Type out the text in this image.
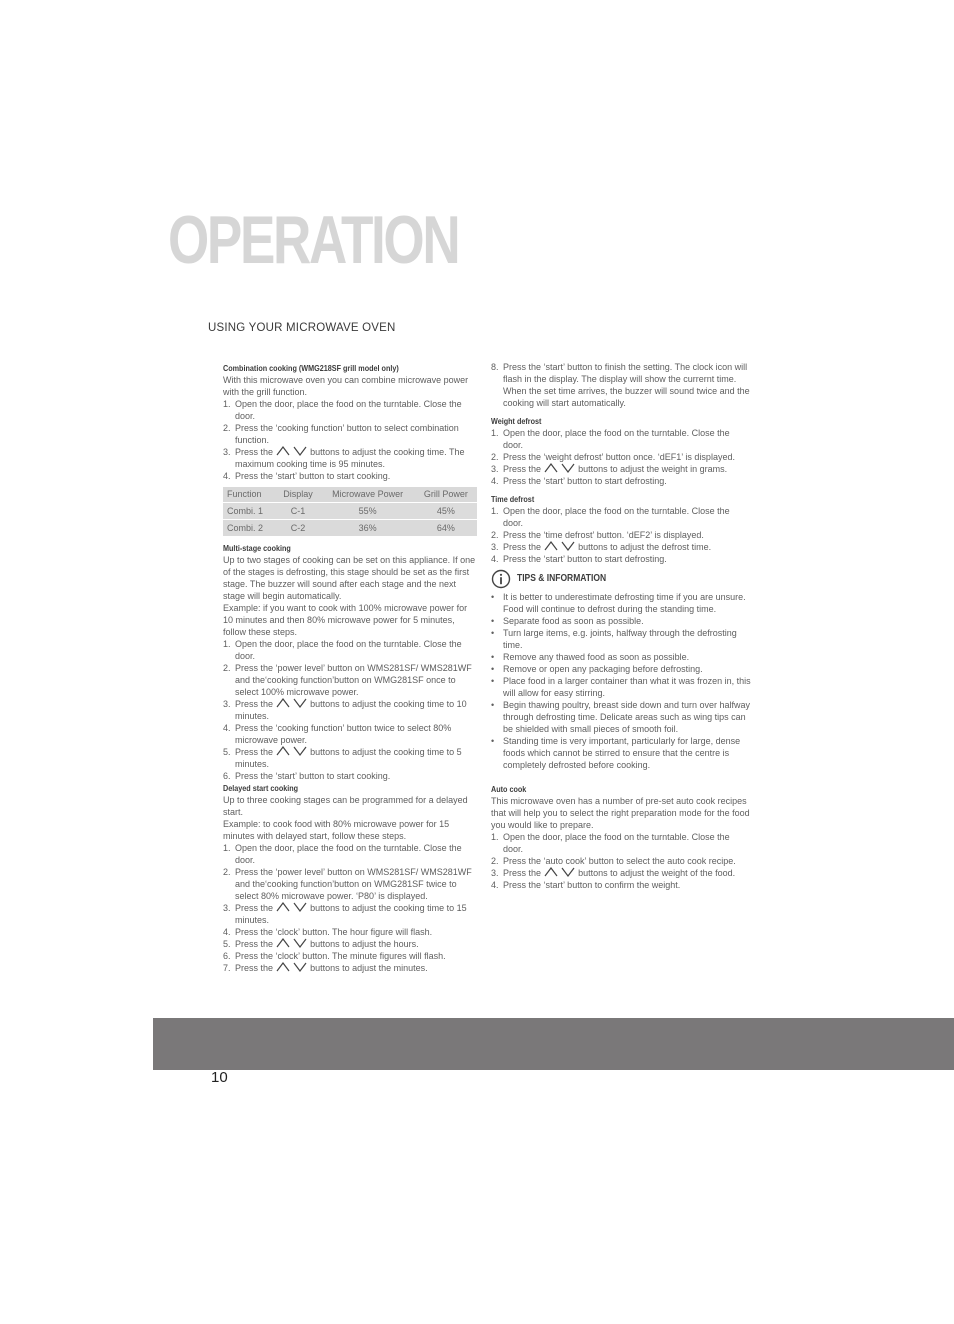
OPERATION
USING YOUR MICROWAVE OVEN
Combination cooking (WMG218SF grill model only)
With this microwave oven you can combine microwave power with the grill function.
1. Open the door, place the food on the turntable. Close the door.
2. Press the ‘cooking function’ button to select combination function.
3. Press the	buttons to adjust the cooking time. The maximum cooking time is 95 minutes.
4. Press the ‘start’ button to start cooking.
Function	Display	Microwave Power	Grill Power
Combi. 1	C-1	55%	45%
Combi. 2	C-2	36%	64%
Multi-stage cooking

Up to two stages of cooking can be set on this appliance. If one of the stages is defrosting, this stage should be set as the first stage. The buzzer will sound after each stage and the next stage will begin automatically.

Example: if you want to cook with 100% microwave power for 10 minutes and then 80% microwave power for 5 minutes, follow these steps.

1. Open the door, place the food on the turntable. Close the door.
2. Press the ‘power level’ button on WMS281SF/ WMS281WF and the‘cooking function’button on WMG281SF once to select 100% microwave power.
3. Press the	buttons to adjust the cooking time to 10 minutes.
4. Press the ‘cooking function’ button twice to select 80% microwave power.
5. Press the	buttons to adjust the cooking time to 5 minutes.
6. Press the ‘start’ button to start cooking.
Delayed start cooking

Up to three cooking stages can be programmed for a delayed start.

Example: to cook food with 80% microwave power for 15 minutes with delayed start, follow these steps.

1. Open the door, place the food on the turntable. Close the door.
2. Press the ‘power level’ button on WMS281SF/ WMS281WF and the‘cooking function’button on WMG281SF twice to select 80% microwave power. ‘P80’ is displayed.
3. Press the	buttons to adjust the cooking time to 15 minutes.
4. Press the ‘clock’ button. The hour figure will flash.
5. Press the	buttons to adjust the hours.
6. Press the ‘clock’ button. The minute figures will flash.
7. Press the	buttons to adjust the minutes.
8. Press the ‘start’ button to finish the setting. The clock icon will flash in the display. The display will show the currernt time. When the set time arrives, the buzzer will sound twice and the cooking will start automatically.
Weight defrost
1. Open the door, place the food on the turntable. Close the door.
2. Press the ‘weight defrost’ button once. ‘dEF1’ is displayed.
3. Press the	buttons to adjust the weight in grams.
4. Press the ‘start’ button to start defrosting.
Time defrost
1. Open the door, place the food on the turntable. Close the door.
2. Press the ‘time defrost’ button. ‘dEF2’ is displayed.
3. Press the	buttons to adjust the defrost time.
4. Press the ‘start’ button to start defrosting.
TIPS & INFORMATION
• It is better to underestimate defrosting time if you are unsure. Food will continue to defrost during the standing time.
• Separate food as soon as possible.
• Turn large items, e.g. joints, halfway through the defrosting time.
• Remove any thawed food as soon as possible.
• Remove or open any packaging before defrosting.
• Place food in a larger container than what it was frozen in, this will allow for easy stirring.
• Begin thawing poultry, breast side down and turn over halfway through defrosting time. Delicate areas such as wing tips can be shielded with small pieces of smooth foil.
• Standing time is very important, particularly for large, dense foods which cannot be stirred to ensure that the centre is completely defrosted before cooking.
Auto cook

This microwave oven has a number of pre-set auto cook recipes that will help you to select the right preparation mode for the food you would like to prepare.

1. Open the door, place the food on the turntable. Close the door.
2. Press the ‘auto cook’ button to select the auto cook recipe.
3. Press the	buttons to adjust the weight of the food.
4. Press the ‘start’ button to confirm the weight.
10
